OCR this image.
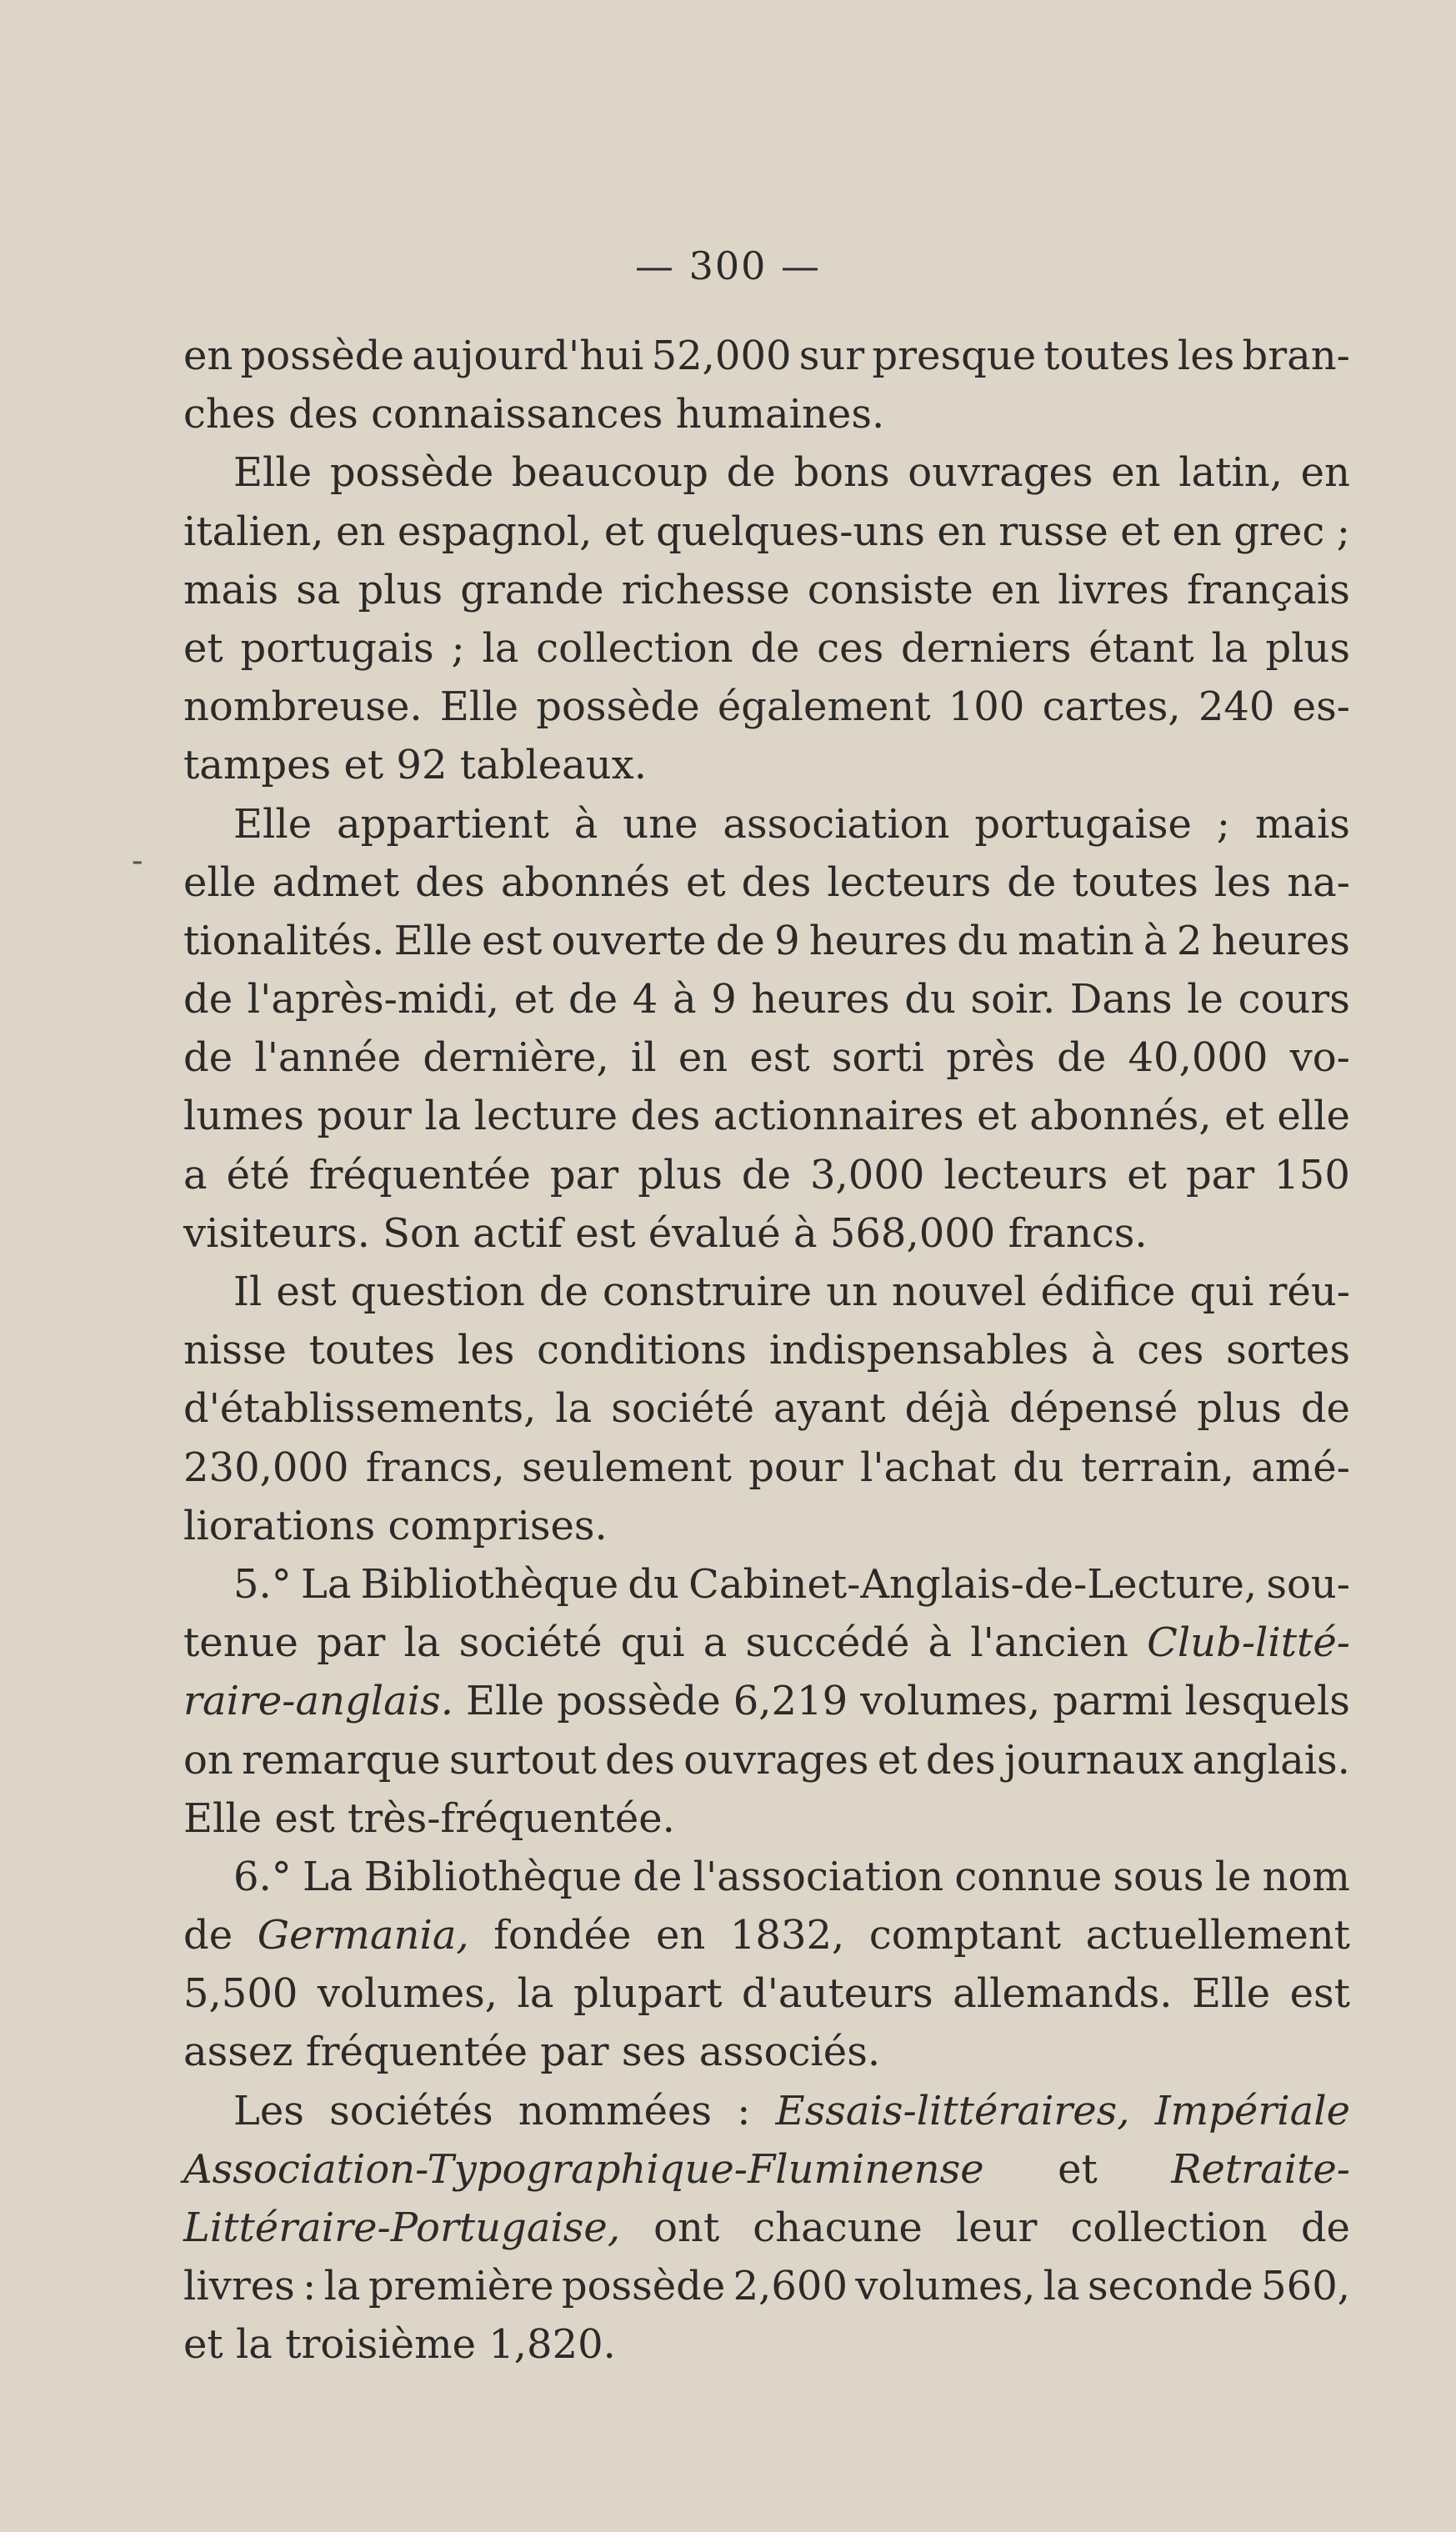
— 300 —
-
en possède aujourd'hui 52,000 sur presque toutes les bran-
ches des connaissances humaines.
Elle possède beaucoup de bons ouvrages en latin, en
italien, en espagnol, et quelques-uns en russe et en grec ;
mais sa plus grande richesse consiste en livres français
et portugais ; la collection de ces derniers étant la plus
nombreuse. Elle possède également 100 cartes, 240 es-
tampes et 92 tableaux.
Elle appartient à une association portugaise ; mais
elle admet des abonnés et des lecteurs de toutes les na-
tionalités. Elle est ouverte de 9 heures du matin à 2 heures
de l'après-midi, et de 4 à 9 heures du soir. Dans le cours
de l'année dernière, il en est sorti près de 40,000 vo-
lumes pour la lecture des actionnaires et abonnés, et elle
a été fréquentée par plus de 3,000 lecteurs et par 150
visiteurs. Son actif est évalué à 568,000 francs.
Il est question de construire un nouvel édifice qui réu-
nisse toutes les conditions indispensables à ces sortes
d'établissements, la société ayant déjà dépensé plus de
230,000 francs, seulement pour l'achat du terrain, amé-
liorations comprises.
5.° La Bibliothèque du Cabinet-Anglais-de-Lecture, sou-
tenue par la société qui a succédé à l'ancien Club-litté-
raire-anglais. Elle possède 6,219 volumes, parmi lesquels
on remarque surtout des ouvrages et des journaux anglais.
Elle est très-fréquentée.
6.° La Bibliothèque de l'association connue sous le nom
de Germania, fondée en 1832, comptant actuellement
5,500 volumes, la plupart d'auteurs allemands. Elle est
assez fréquentée par ses associés.
Les sociétés nommées : Essais-littéraires, Impériale
Association-Typographique-Fluminense et Retraite-
Littéraire-Portugaise, ont chacune leur collection de
livres : la première possède 2,600 volumes, la seconde 560,
et la troisième 1,820.
